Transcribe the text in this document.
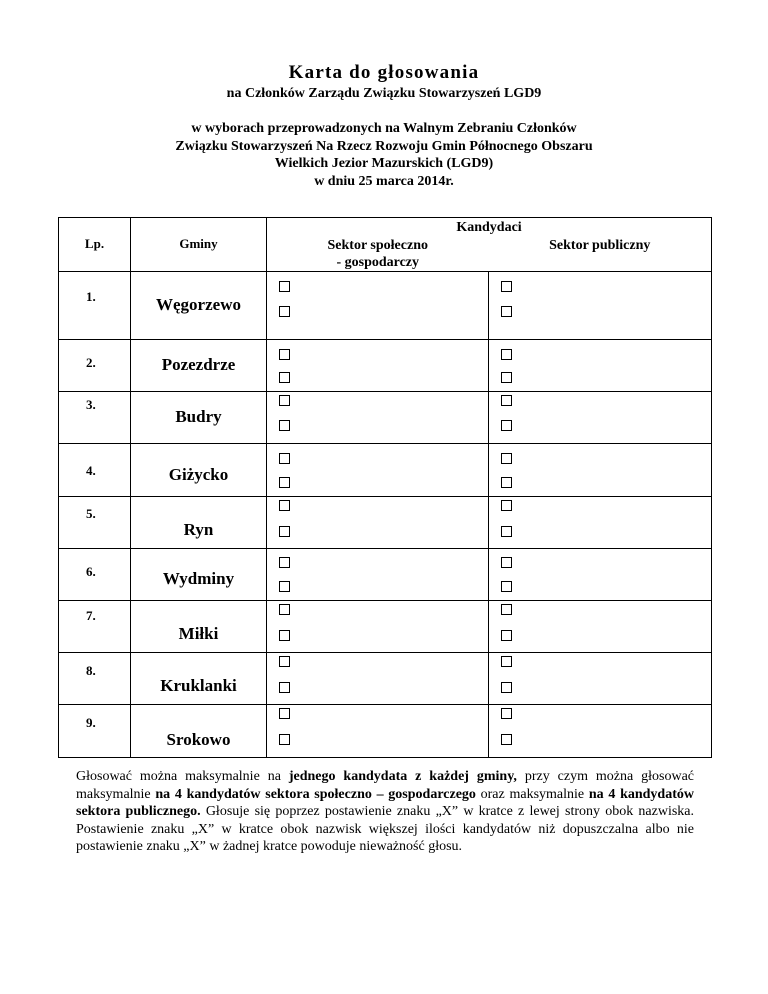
Karta do głosowania
na Członków Zarządu Związku Stowarzyszeń LGD9
w wyborach przeprowadzonych na Walnym Zebraniu Członków
Związku Stowarzyszeń Na Rzecz Rozwoju Gmin Północnego Obszaru
Wielkich Jezior Mazurskich (LGD9)
w dniu 25 marca 2014r.
Lp.	Gminy	Kandydaci	

		Sektor społeczno
- gospodarczy	Sektor publiczny
1.	Węgorzewo	

2.	Pozezdrze	

3.	Budry	

4.	Giżycko	

5.	Ryn	

6.	Wydminy	

7.	Miłki	

8.	Kruklanki	

9.	Srokowo	

Głosować można maksymalnie na jednego kandydata z każdej gminy, przy czym można głosować maksymalnie na 4 kandydatów sektora społeczno – gospodarczego oraz maksymalnie na 4 kandydatów sektora publicznego. Głosuje się poprzez postawienie znaku „X” w kratce z lewej strony obok nazwiska. Postawienie znaku „X” w kratce obok nazwisk większej ilości kandydatów niż dopuszczalna albo nie postawienie znaku „X” w żadnej kratce powoduje nieważność głosu.
